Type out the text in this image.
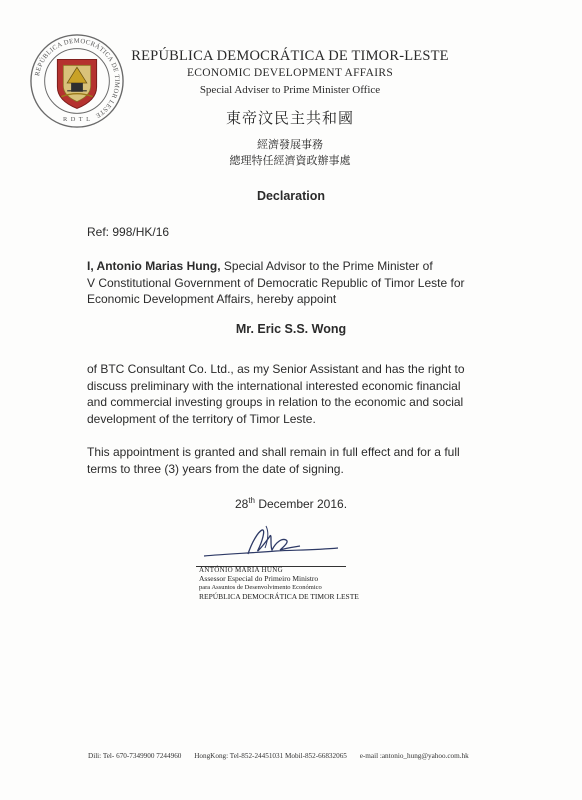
REPÚBLICA DEMOCRÁTICA DE TIMOR LESTE
R D T L
REPÚBLICA DEMOCRÁTICA DE TIMOR-LESTE
ECONOMIC DEVELOPMENT AFFAIRS
Special Adviser to Prime Minister Office
東帝汶民主共和國
經濟發展事務
總理特任經濟資政辦事處
Declaration
Ref: 998/HK/16
I, Antonio Marias Hung, Special Advisor to the Prime Minister of
V Constitutional Government of Democratic Republic of Timor Leste for
Economic Development Affairs, hereby appoint
Mr. Eric S.S. Wong
of BTC Consultant Co. Ltd., as my Senior Assistant and has the right to
discuss preliminary with the international interested economic financial
and commercial investing groups in relation to the economic and social
development of the territory of Timor Leste.
This appointment is granted and shall remain in full effect and for a full
terms to three (3) years from the date of signing.
28th December 2016.
ANTÓNIO MARIA HUNG
Assessor Especial do Primeiro Ministro
para Assuntos de Desenvolvimento Económico
REPÚBLICA DEMOCRÁTICA DE TIMOR LESTE
Dili: Tel- 670-7349900 7244960 HongKong: Tel-852-24451031 Mobil-852-66832065 e-mail :antonio_hung@yahoo.com.hk
